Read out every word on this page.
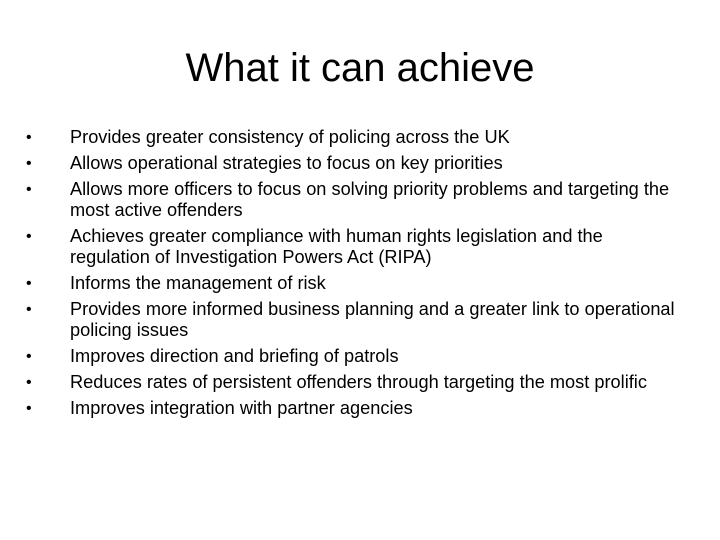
What it can achieve
•	Provides greater consistency of policing across the UK
•	Allows operational strategies to focus on key priorities
•	Allows more officers to focus on solving priority problems and targeting the most active offenders
•	Achieves greater compliance with human rights legislation and the regulation of Investigation Powers Act (RIPA)
•	Informs the management of risk
•	Provides more informed business planning and a greater link to operational policing issues
•	Improves direction and briefing of patrols
•	Reduces rates of persistent offenders through targeting the most prolific
•	Improves integration with partner agencies
